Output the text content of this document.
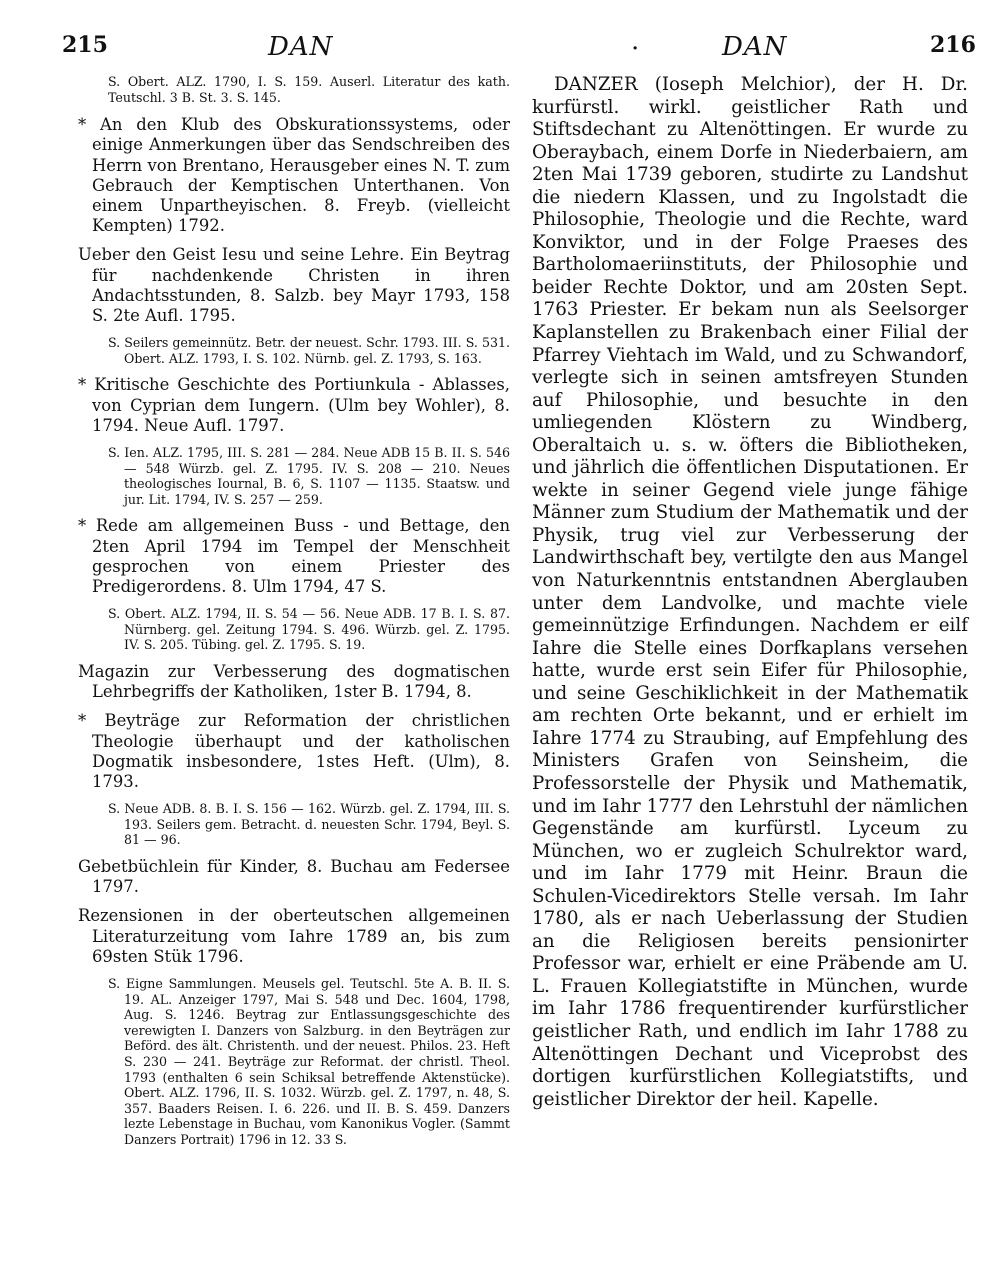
215	DAN	·	DAN	216
S. Obert. ALZ. 1790, I. S. 159. Auserl. Literatur des kath. Teutschl. 3 B. St. 3. S. 145.
* An den Klub des Obskurationssystems, oder einige Anmerkungen über das Sendschreiben des Herrn von Brentano, Herausgeber eines N. T. zum Gebrauch der Kemptischen Unterthanen. Von einem Unpartheyischen. 8. Freyb. (vielleicht Kempten) 1792.
Ueber den Geist Iesu und seine Lehre. Ein Beytrag für nachdenkende Christen in ihren Andachtsstunden, 8. Salzb. bey Mayr 1793, 158 S. 2te Aufl. 1795.
S. Seilers gemeinnütz. Betr. der neuest. Schr. 1793. III. S. 531. Obert. ALZ. 1793, I. S. 102. Nürnb. gel. Z. 1793, S. 163.
* Kritische Geschichte des Portiunkula - Ablasses, von Cyprian dem Iungern. (Ulm bey Wohler), 8. 1794. Neue Aufl. 1797.
S. Ien. ALZ. 1795, III. S. 281 — 284. Neue ADB 15 B. II. S. 546 — 548 Würzb. gel. Z. 1795. IV. S. 208 — 210. Neues theologisches Iournal, B. 6, S. 1107 — 1135. Staatsw. und jur. Lit. 1794, IV. S. 257 — 259.
* Rede am allgemeinen Buss - und Bettage, den 2ten April 1794 im Tempel der Menschheit gesprochen von einem Priester des Predigerordens. 8. Ulm 1794, 47 S.
S. Obert. ALZ. 1794, II. S. 54 — 56. Neue ADB. 17 B. I. S. 87. Nürnberg. gel. Zeitung 1794. S. 496. Würzb. gel. Z. 1795. IV. S. 205. Tübing. gel. Z. 1795. S. 19.
Magazin zur Verbesserung des dogmatischen Lehrbegriffs der Katholiken, 1ster B. 1794, 8.
* Beyträge zur Reformation der christlichen Theologie überhaupt und der katholischen Dogmatik insbesondere, 1stes Heft. (Ulm), 8. 1793.
S. Neue ADB. 8. B. I. S. 156 — 162. Würzb. gel. Z. 1794, III. S. 193. Seilers gem. Betracht. d. neuesten Schr. 1794, Beyl. S. 81 — 96.
Gebetbüchlein für Kinder, 8. Buchau am Federsee 1797.
Rezensionen in der oberteutschen allgemeinen Literaturzeitung vom Iahre 1789 an, bis zum 69sten Stük 1796.
S. Eigne Sammlungen. Meusels gel. Teutschl. 5te A. B. II. S. 19. AL. Anzeiger 1797, Mai S. 548 und Dec. 1604, 1798, Aug. S. 1246. Beytrag zur Entlassungsgeschichte des verewigten I. Danzers von Salzburg. in den Beyträgen zur Beförd. des ält. Christenth. und der neuest. Philos. 23. Heft S. 230 — 241. Beyträge zur Reformat. der christl. Theol. 1793 (enthalten 6 sein Schiksal betreffende Aktenstücke). Obert. ALZ. 1796, II. S. 1032. Würzb. gel. Z. 1797, n. 48, S. 357. Baaders Reisen. I. 6. 226. und II. B. S. 459. Danzers lezte Lebenstage in Buchau, vom Kanonikus Vogler. (Sammt Danzers Portrait) 1796 in 12. 33 S.

DANZER (Ioseph Melchior), der H. Dr. kurfürstl. wirkl. geistlicher Rath und Stiftsdechant zu Altenöttingen. Er wurde zu Oberaybach, einem Dorfe in Niederbaiern, am 2ten Mai 1739 geboren, studirte zu Landshut die niedern Klassen, und zu Ingolstadt die Philosophie, Theologie und die Rechte, ward Konviktor, und in der Folge Praeses des Bartholomaeriinstituts, der Philosophie und beider Rechte Doktor, und am 20sten Sept. 1763 Priester. Er bekam nun als Seelsorger Kaplanstellen zu Brakenbach einer Filial der Pfarrey Viehtach im Wald, und zu Schwandorf, verlegte sich in seinen amtsfreyen Stunden auf Philosophie, und besuchte in den umliegenden Klöstern zu Windberg, Oberaltaich u. s. w. öfters die Bibliotheken, und jährlich die öffentlichen Disputationen. Er wekte in seiner Gegend viele junge fähige Männer zum Studium der Mathematik und der Physik, trug viel zur Verbesserung der Landwirthschaft bey, vertilgte den aus Mangel von Naturkenntnis entstandnen Aberglauben unter dem Landvolke, und machte viele gemeinnützige Erfindungen. Nachdem er eilf Iahre die Stelle eines Dorfkaplans versehen hatte, wurde erst sein Eifer für Philosophie, und seine Geschiklichkeit in der Mathematik am rechten Orte bekannt, und er erhielt im Iahre 1774 zu Straubing, auf Empfehlung des Ministers Grafen von Seinsheim, die Professorstelle der Physik und Mathematik, und im Iahr 1777 den Lehrstuhl der nämlichen Gegenstände am kurfürstl. Lyceum zu München, wo er zugleich Schulrektor ward, und im Iahr 1779 mit Heinr. Braun die Schulen-Vicedirektors Stelle versah. Im Iahr 1780, als er nach Ueberlassung der Studien an die Religiosen bereits pensionirter Professor war, erhielt er eine Präbende am U. L. Frauen Kollegiatstifte in München, wurde im Iahr 1786 frequentirender kurfürstlicher geistlicher Rath, und endlich im Iahr 1788 zu Altenöttingen Dechant und Viceprobst des dortigen kurfürstlichen Kollegiatstifts, und geistlicher Direktor der heil. Kapelle.
